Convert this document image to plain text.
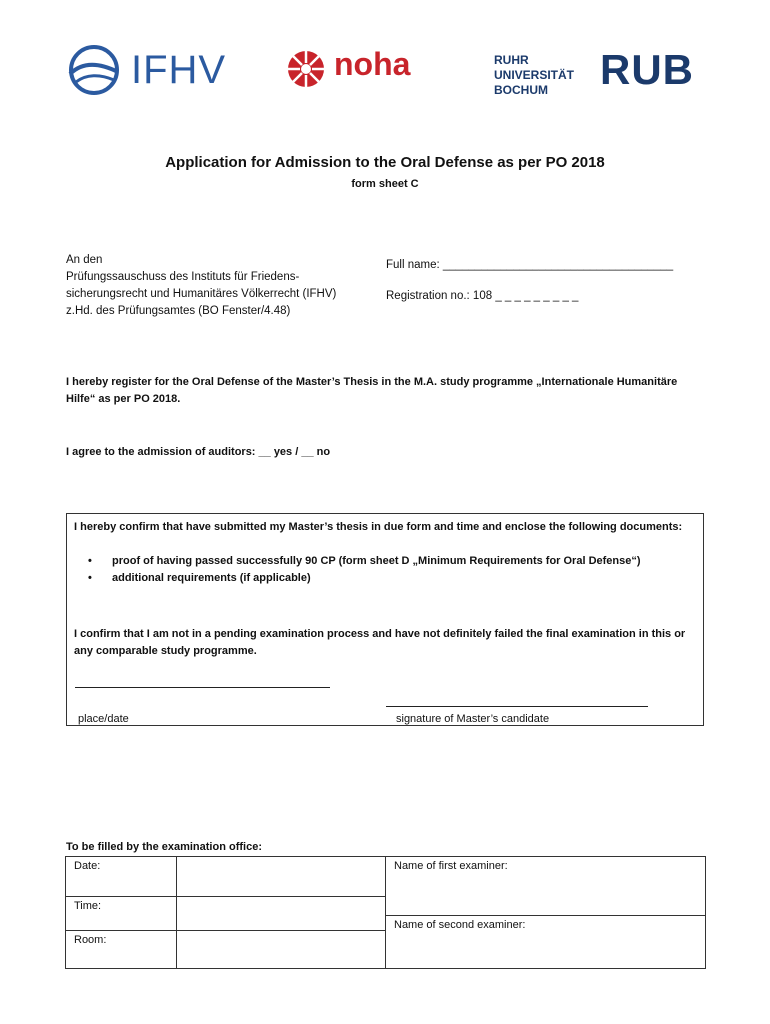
IFHV	noha	RUHR
UNIVERSITÄT
BOCHUM	RUB
Application for Admission to the Oral Defense as per PO 2018
form sheet C
An den
Prüfungssauschuss des Instituts für Friedens-
sicherungsrecht und Humanitäres Völkerrecht (IFHV)
z.Hd. des Prüfungsamtes (BO Fenster/4.48)
Full name: ____________________________________
Registration no.: 108 _ _ _ _ _ _ _ _ _
I hereby register for the Oral Defense of the Master’s Thesis in the M.A. study programme „Internationale Humanitäre Hilfe“ as per PO 2018.
I agree to the admission of auditors: __ yes / __ no
I hereby confirm that have submitted my Master’s thesis in due form and time and enclose the following documents:
• proof of having passed successfully 90 CP (form sheet D „Minimum Requirements for Oral Defense“)
• additional requirements (if applicable)
I confirm that I am not in a pending examination process and have not definitely failed the final examination in this or any comparable study programme.
place/date	signature of Master’s candidate
To be filled by the examination office:
Date:	
Time:	
Room:	
Name of first examiner:
Name of second examiner:
